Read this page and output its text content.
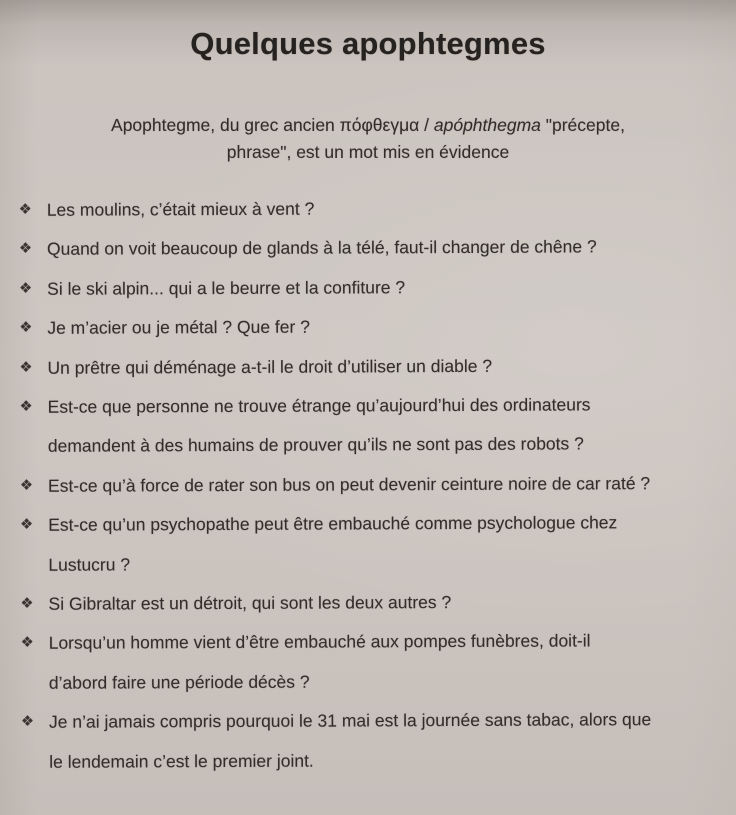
Quelques apophtegmes

Apophtegme, du grec ancien πόφθεγμα / apóphthegma "précepte,
phrase", est un mot mis en évidence

❖ Les moulins, c’était mieux à vent ?
❖ Quand on voit beaucoup de glands à la télé, faut-il changer de chêne ?
❖ Si le ski alpin... qui a le beurre et la confiture ?
❖ Je m’acier ou je métal ? Que fer ?
❖ Un prêtre qui déménage a-t-il le droit d’utiliser un diable ?
❖ Est-ce que personne ne trouve étrange qu’aujourd’hui des ordinateurs
demandent à des humains de prouver qu’ils ne sont pas des robots ?
❖ Est-ce qu’à force de rater son bus on peut devenir ceinture noire de car raté ?
❖ Est-ce qu’un psychopathe peut être embauché comme psychologue chez
Lustucru ?
❖ Si Gibraltar est un détroit, qui sont les deux autres ?
❖ Lorsqu’un homme vient d’être embauché aux pompes funèbres, doit-il
d’abord faire une période décès ?
❖ Je n’ai jamais compris pourquoi le 31 mai est la journée sans tabac, alors que
le lendemain c’est le premier joint.
